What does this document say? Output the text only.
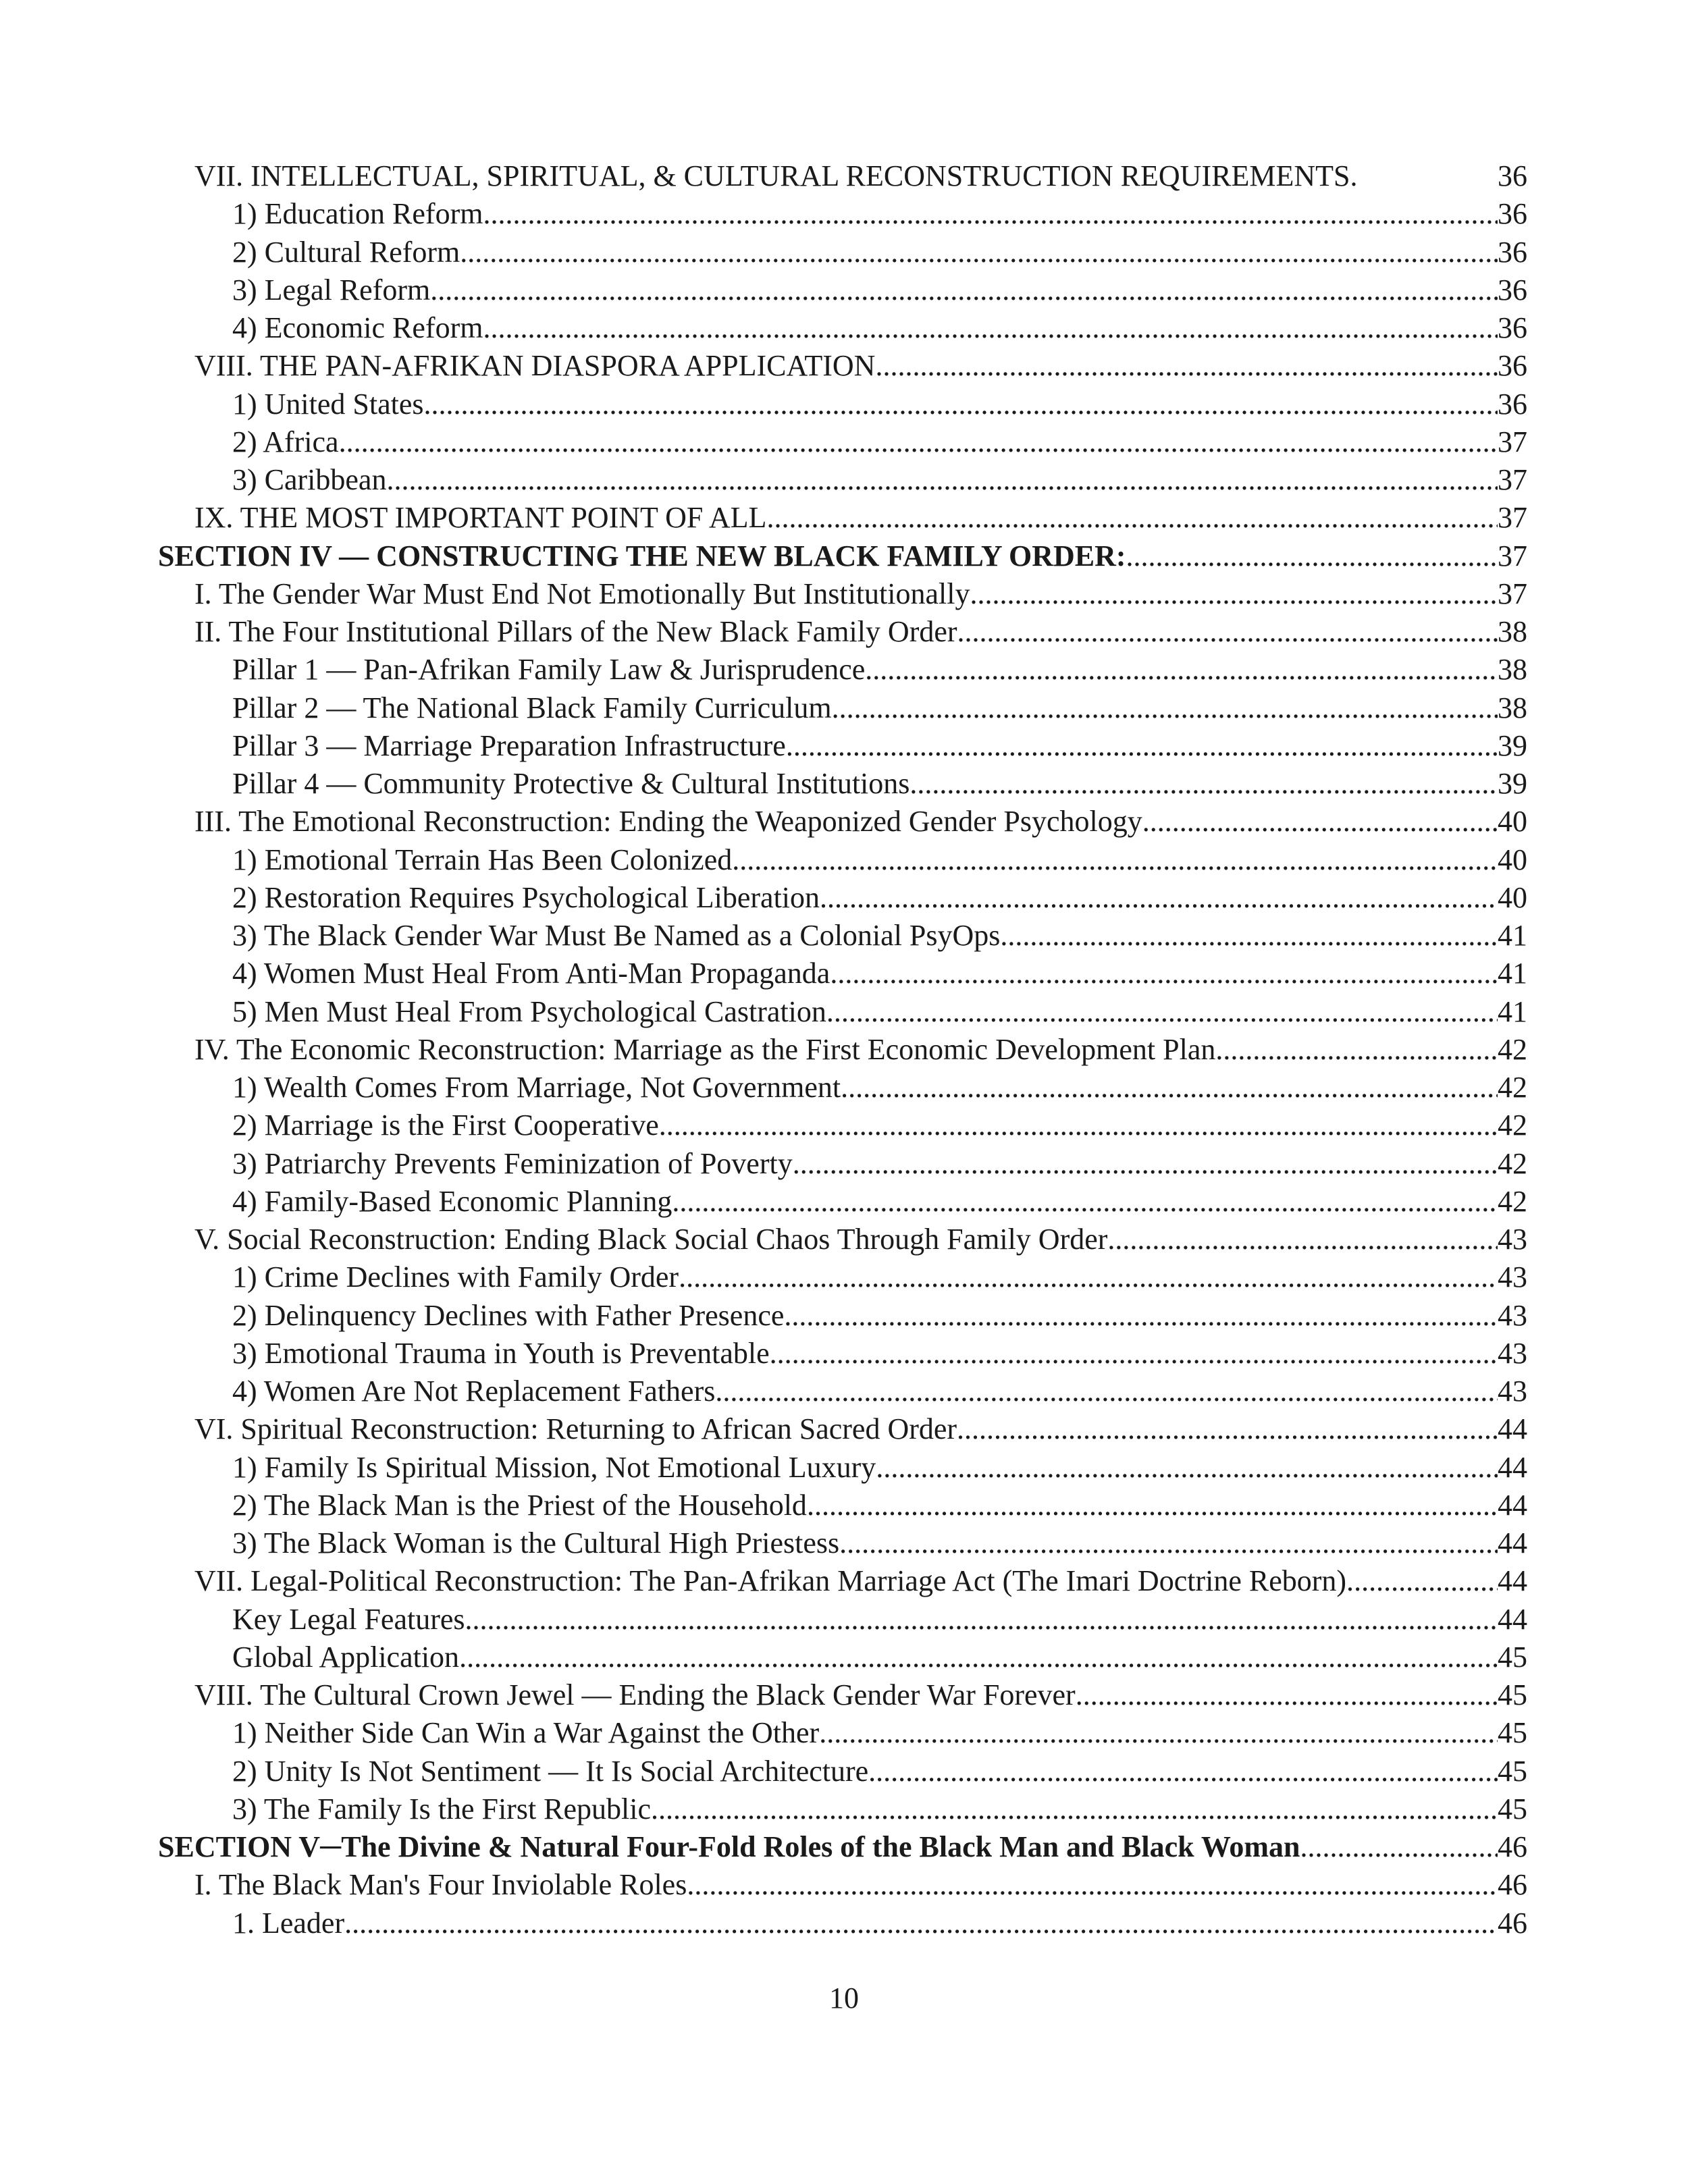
VII. INTELLECTUAL, SPIRITUAL, & CULTURAL RECONSTRUCTION REQUIREMENTS.	36
1) Education Reform .....	36
2) Cultural Reform .....	36
3) Legal Reform .....	36
4) Economic Reform .....	36
VIII. THE PAN-AFRIKAN DIASPORA APPLICATION .....	36
1) United States .....	36
2) Africa .....	37
3) Caribbean .....	37
IX. THE MOST IMPORTANT POINT OF ALL .....	37
SECTION IV — CONSTRUCTING THE NEW BLACK FAMILY ORDER: .....	37
I. The Gender War Must End Not Emotionally But Institutionally .....	37
II. The Four Institutional Pillars of the New Black Family Order .....	38
Pillar 1 — Pan-Afrikan Family Law & Jurisprudence .....	38
Pillar 2 — The National Black Family Curriculum .....	38
Pillar 3 — Marriage Preparation Infrastructure .....	39
Pillar 4 — Community Protective & Cultural Institutions .....	39
III. The Emotional Reconstruction: Ending the Weaponized Gender Psychology .....	40
1) Emotional Terrain Has Been Colonized .....	40
2) Restoration Requires Psychological Liberation .....	40
3) The Black Gender War Must Be Named as a Colonial PsyOps .....	41
4) Women Must Heal From Anti-Man Propaganda .....	41
5) Men Must Heal From Psychological Castration .....	41
IV. The Economic Reconstruction: Marriage as the First Economic Development Plan .....	42
1) Wealth Comes From Marriage, Not Government .....	42
2) Marriage is the First Cooperative .....	42
3) Patriarchy Prevents Feminization of Poverty .....	42
4) Family-Based Economic Planning .....	42
V. Social Reconstruction: Ending Black Social Chaos Through Family Order .....	43
1) Crime Declines with Family Order .....	43
2) Delinquency Declines with Father Presence .....	43
3) Emotional Trauma in Youth is Preventable .....	43
4) Women Are Not Replacement Fathers .....	43
VI. Spiritual Reconstruction: Returning to African Sacred Order .....	44
1) Family Is Spiritual Mission, Not Emotional Luxury .....	44
2) The Black Man is the Priest of the Household .....	44
3) The Black Woman is the Cultural High Priestess .....	44
VII. Legal-Political Reconstruction: The Pan-Afrikan Marriage Act (The Imari Doctrine Reborn). .....	44
Key Legal Features .....	44
Global Application .....	45
VIII. The Cultural Crown Jewel — Ending the Black Gender War Forever .....	45
1) Neither Side Can Win a War Against the Other .....	45
2) Unity Is Not Sentiment — It Is Social Architecture .....	45
3) The Family Is the First Republic .....	45
SECTION V─The Divine & Natural Four-Fold Roles of the Black Man and Black Woman .....	46
I. The Black Man's Four Inviolable Roles .....	46
1. Leader .....	46
10
